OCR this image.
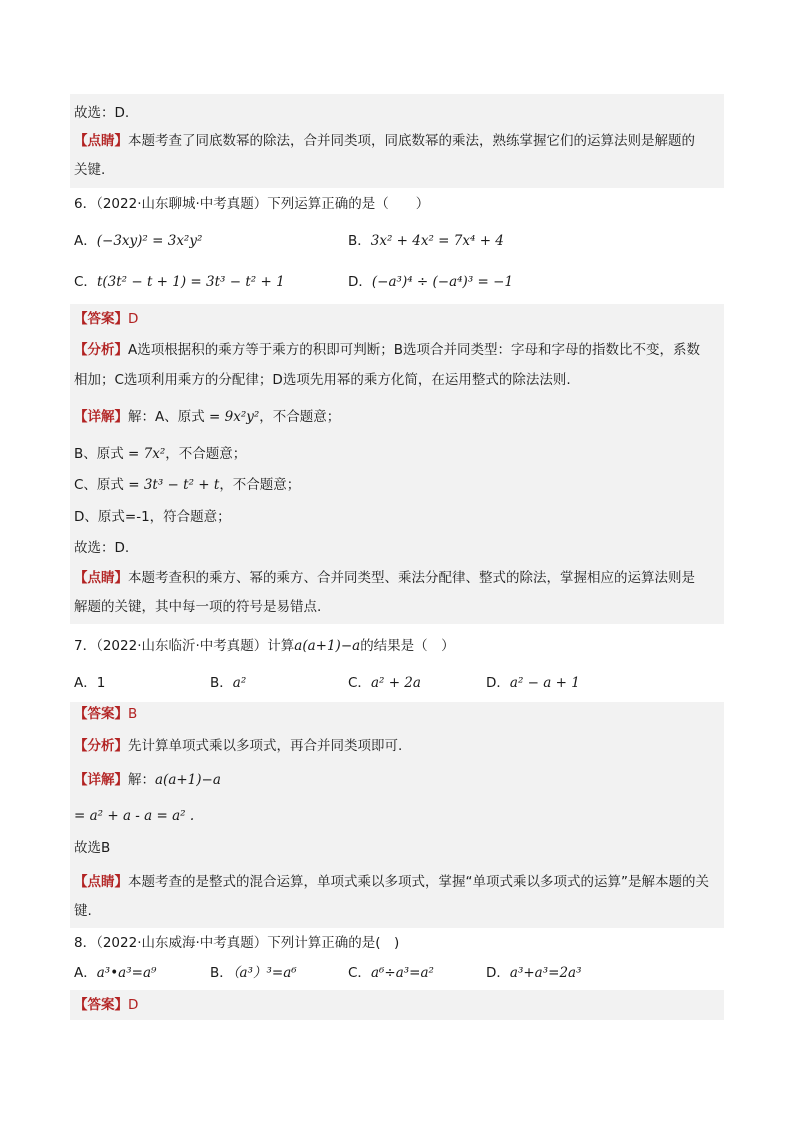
故选：D.
【点睛】本题考查了同底数幂的除法，合并同类项，同底数幂的乘法，熟练掌握它们的运算法则是解题的
关键.
6．（2022·山东聊城·中考真题）下列运算正确的是（　　）
A．(−3xy)² = 3x²y²	B．3x² + 4x² = 7x⁴ + 4
C．t(3t² − t + 1) = 3t³ − t² + 1	D．(−a³)⁴ ÷ (−a⁴)³ = −1
【答案】D
【分析】A选项根据积的乘方等于乘方的积即可判断；B选项合并同类型：字母和字母的指数比不变，系数
相加；C选项利用乘方的分配律；D选项先用幂的乘方化简，在运用整式的除法法则.
【详解】解：A、原式 = 9x²y²，不合题意；
B、原式 = 7x²，不合题意；
C、原式 = 3t³ − t² + t，不合题意；
D、原式=-1，符合题意；
故选：D.
【点睛】本题考查积的乘方、幂的乘方、合并同类型、乘法分配律、整式的除法，掌握相应的运算法则是
解题的关键，其中每一项的符号是易错点.
7．（2022·山东临沂·中考真题）计算a(a+1)−a的结果是（　）
A．1	B．a²	C．a² + 2a	D．a² − a + 1
【答案】B
【分析】先计算单项式乘以多项式，再合并同类项即可.
【详解】解：a(a+1)−a
= a² + a - a = a² .
故选B
【点睛】本题考查的是整式的混合运算，单项式乘以多项式，掌握“单项式乘以多项式的运算”是解本题的关
键.
8．（2022·山东威海·中考真题）下列计算正确的是(　)
A．a³•a³=a⁹	B．（a³）³=a⁶	C．a⁶÷a³=a²	D．a³+a³=2a³
【答案】D
